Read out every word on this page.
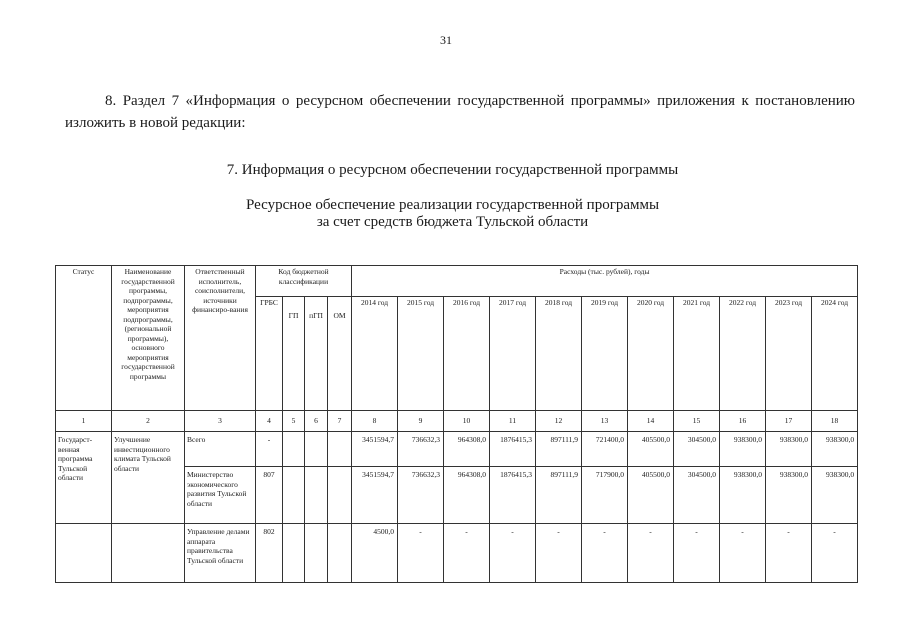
31
8. Раздел 7 «Информация о ресурсном обеспечении государственной программы» приложения к постановлению изложить в новой редакции:
7. Информация о ресурсном обеспечении государственной программы
Ресурсное обеспечение реализации государственной программы
за счет средств бюджета Тульской области
Статус	Наименование государственной программы, подпрограммы, мероприятия подпрограммы, (региональной программы), основного мероприятия государственной программы	Ответственный исполнитель, соисполнители, источники финансиро-вания	Код бюджетной классификации				Расходы (тыс. рублей), годы										
			ГРБС	ГП	пГП	ОМ	2014 год	2015 год	2016 год	2017 год	2018 год	2019 год	2020 год	2021 год	2022 год	2023 год	2024 год
1	2	3	4	5	6	7	8	9	10	11	12	13	14	15	16	17	18
Государст-венная программа Тульской области	Улучшение инвестиционного климата Тульской области	Всего	-				3451594,7	736632,3	964308,0	1876415,3	897111,9	721400,0	405500,0	304500,0	938300,0	938300,0	938300,0
		Министерство экономического развития Тульской области	807				3451594,7	736632,3	964308,0	1876415,3	897111,9	717900,0	405500,0	304500,0	938300,0	938300,0	938300,0
		Управление делами аппарата правительства Тульской области	802				4500,0	-	-	-	-	-	-	-	-	-	-
